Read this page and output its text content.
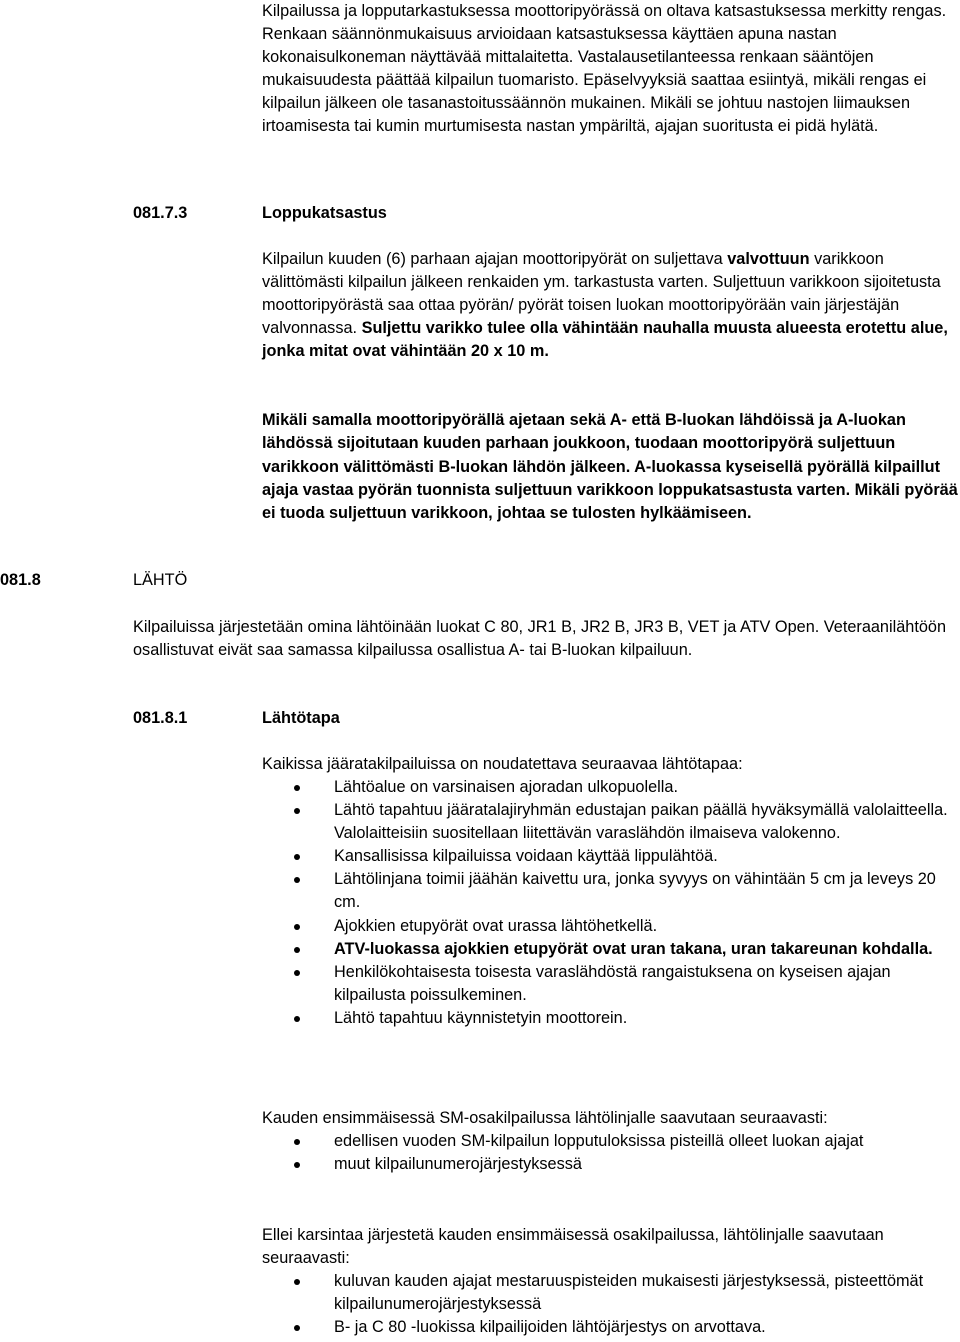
Kilpailussa ja lopputarkastuksessa moottoripyörässä on oltava katsastuksessa merkitty rengas. Renkaan säännönmukaisuus arvioidaan katsastuksessa käyttäen apuna nastan kokonaisulkoneman näyttävää mittalaitetta. Vastalausetilanteessa renkaan sääntöjen mukaisuudesta päättää kilpailun tuomaristo. Epäselvyyksiä saattaa esiintyä, mikäli rengas ei kilpailun jälkeen ole tasanastoitussäännön mukainen. Mikäli se johtuu nastojen liimauksen irtoamisesta tai kumin murtumisesta nastan ympäriltä, ajajan suoritusta ei pidä hylätä.

081.7.3	Loppukatsastus

Kilpailun kuuden (6) parhaan ajajan moottoripyörät on suljettava valvottuun varikkoon välittömästi kilpailun jälkeen renkaiden ym. tarkastusta varten. Suljettuun varikkoon sijoitetusta moottoripyörästä saa ottaa pyörän/ pyörät toisen luokan moottoripyörään vain järjestäjän valvonnassa. Suljettu varikko tulee olla vähintään nauhalla muusta alueesta erotettu alue, jonka mitat ovat vähintään 20 x 10 m.

Mikäli samalla moottoripyörällä ajetaan sekä A- että B-luokan lähdöissä ja A-luokan lähdössä sijoitutaan kuuden parhaan joukkoon, tuodaan moottoripyörä suljettuun varikkoon välittömästi B-luokan lähdön jälkeen. A-luokassa kyseisellä pyörällä kilpaillut ajaja vastaa pyörän tuonnista suljettuun varikkoon loppukatsastusta varten. Mikäli pyörää ei tuoda suljettuun varikkoon, johtaa se tulosten hylkäämiseen.

081.8	LÄHTÖ

Kilpailuissa järjestetään omina lähtöinään luokat C 80, JR1 B, JR2 B, JR3 B, VET ja ATV Open. Veteraanilähtöön osallistuvat eivät saa samassa kilpailussa osallistua A- tai B-luokan kilpailuun.

081.8.1	Lähtötapa
Kaikissa jääratakilpailuissa on noudatettava seuraavaa lähtötapaa:
Lähtöalue on varsinaisen ajoradan ulkopuolella.
Lähtö tapahtuu jääratalajiryhmän edustajan paikan päällä hyväksymällä valolaitteella. Valolaitteisiin suositellaan liitettävän varaslähdön ilmaiseva valokenno.
Kansallisissa kilpailuissa voidaan käyttää lippulähtöä.
Lähtölinjana toimii jäähän kaivettu ura, jonka syvyys on vähintään 5 cm ja leveys 20 cm.
Ajokkien etupyörät ovat urassa lähtöhetkellä.
ATV-luokassa ajokkien etupyörät ovat uran takana, uran takareunan kohdalla.
Henkilökohtaisesta toisesta varaslähdöstä rangaistuksena on kyseisen ajajan kilpailusta poissulkeminen.
Lähtö tapahtuu käynnistetyin moottorein.
Kauden ensimmäisessä SM-osakilpailussa lähtölinjalle saavutaan seuraavasti:
edellisen vuoden SM-kilpailun lopputuloksissa pisteillä olleet luokan ajajat
muut kilpailunumerojärjestyksessä
Ellei karsintaa järjestetä kauden ensimmäisessä osakilpailussa, lähtölinjalle saavutaan seuraavasti:
kuluvan kauden ajajat mestaruuspisteiden mukaisesti järjestyksessä, pisteettömät kilpailunumerojärjestyksessä
B- ja C 80 -luokissa kilpailijoiden lähtöjärjestys on arvottava.
